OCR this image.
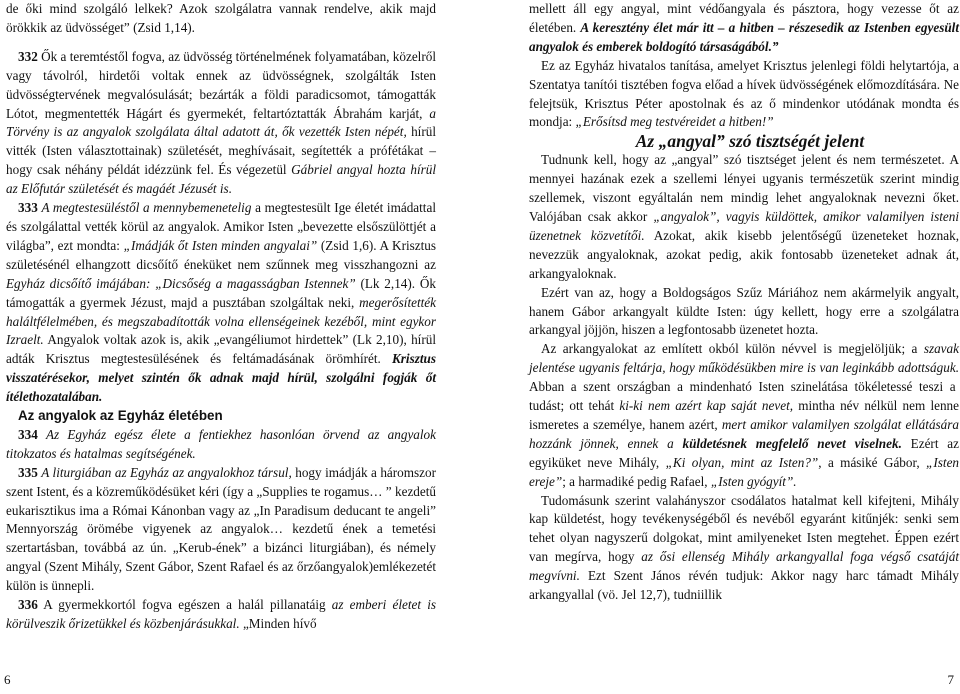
de őki mind szolgáló lelkek? Azok szolgálatra vannak rendelve, akik majd örökkik az üdvösséget” (Zsid 1,14).

332 Ők a teremtéstől fogva, az üdvösség történelmének folyamatában, közelről vagy távolról, hirdetői voltak ennek az üdvösségnek, szolgálták Isten üdvösségtervének megvalósulását; bezárták a földi paradicsomot, támogatták Lótot, megmentették Hágárt és gyermekét, feltartóztatták Ábrahám karját, a Törvény is az angyalok szolgálata által adatott át, ők vezették Isten népét, hírül vitték (Isten választottainak) születését, meghívásait, segítették a prófétákat – hogy csak néhány példát idézzünk fel. És végezetül Gábriel angyal hozta hírül az Előfutár születését és magáét Jézusét is.

333 A megtestesüléstől a mennybemenetelig a megtestesült Ige életét imádattal és szolgálattal vették körül az angyalok. Amikor Isten „bevezette elsőszülöttjét a világba”, ezt mondta: „Imádják őt Isten minden angyalai” (Zsid 1,6). A Krisztus születésénél elhangzott dicsőítő éneküket nem szűnnek meg visszhangozni az Egyház dicsőítő imájában: „Dicsőség a magasságban Istennek” (Lk 2,14). Ők támogatták a gyermek Jézust, majd a pusztában szolgáltak neki, megerősítették haláltfélelmében, és megszabadították volna ellenségeinek kezéből, mint egykor Izraelt. Angyalok voltak azok is, akik „evangéliumot hirdettek” (Lk 2,10), hírül adták Krisztus megtestesülésének és feltámadásának örömhírét. Krisztus visszatérésekor, melyet szintén ők adnak majd hírül, szolgálni fogják őt ítélethozatalában.

Az angyalok az Egyház életében

334 Az Egyház egész élete a fentiekhez hasonlóan örvend az angyalok titokzatos és hatalmas segítségének.

335 A liturgiában az Egyház az angyalokhoz társul, hogy imádják a háromszor szent Istent, és a közreműködésüket kéri (így a „Supplies te rogamus… ” kezdetű eukarisztikus ima a Római Kánonban vagy az „In Paradisum deducant te angeli” Mennyország örömébe vigyenek az angyalok… kezdetű ének a temetési szertartásban, továbbá az ún. „Kerub-ének” a bizánci liturgiában), és némely angyal (Szent Mihály, Szent Gábor, Szent Rafael és az őrzőangyalok)emlékezetét külön is ünnepli.

336 A gyermekkortól fogva egészen a halál pillanatáig az emberi életet is körülveszik őrizetükkel és közbenjárásukkal. „Minden hívő

mellett áll egy angyal, mint védőangyala és pásztora, hogy vezesse őt az életében. A keresztény élet már itt – a hitben – részesedik az Istenben egyesült angyalok és emberek boldogító társaságából.”

Ez az Egyház hivatalos tanítása, amelyet Krisztus jelenlegi földi helytartója, a Szentatya tanítói tisztében fogva előad a hívek üdvösségének előmozdítására. Ne felejtsük, Krisztus Péter apostolnak és az ő mindenkor utódának mondta és mondja: „Erősítsd meg testvéreidet a hitben!”

Az „angyal” szó tisztségét jelent

Tudnunk kell, hogy az „angyal” szó tisztséget jelent és nem természetet. A mennyei hazának ezek a szellemi lényei ugyanis természetük szerint mindig szellemek, viszont egyáltalán nem mindig lehet angyaloknak nevezni őket. Valójában csak akkor „angyalok”, vagyis küldöttek, amikor valamilyen isteni üzenetnek közvetítői. Azokat, akik kisebb jelentőségű üzeneteket hoznak, nevezzük angyaloknak, azokat pedig, akik fontosabb üzeneteket adnak át, arkangyaloknak.

Ezért van az, hogy a Boldogságos Szűz Máriához nem akármelyik angyalt, hanem Gábor arkangyalt küldte Isten: úgy kellett, hogy erre a szolgálatra arkangyal jöjjön, hiszen a legfontosabb üzenetet hozta.

Az arkangyalokat az említett okból külön névvel is megjelöljük; a szavak jelentése ugyanis feltárja, hogy működésükben mire is van leginkább adottságuk. Abban a szent országban a mindenható Isten szinelátása tökéletessé teszi a tudást; ott tehát ki-ki nem azért kap saját nevet, mintha név nélkül nem lenne ismeretes a személye, hanem azért, mert amikor valamilyen szolgálat ellátására hozzánk jönnek, ennek a küldetésnek megfelelő nevet viselnek. Ezért az egyiküket neve Mihály, „Ki olyan, mint az Isten?”, a másiké Gábor, „Isten ereje”; a harmadiké pedig Rafael, „Isten gyógyít”.

Tudomásunk szerint valahányszor csodálatos hatalmat kell kifejteni, Mihály kap küldetést, hogy tevékenységéből és nevéből egyaránt kitűnjék: senki sem tehet olyan nagyszerű dolgokat, mint amilyeneket Isten megtehet. Éppen ezért van megírva, hogy az ősi ellenség Mihály arkangyallal foga végső csatáját megvívni. Ezt Szent János révén tudjuk: Akkor nagy harc támadt Mihály arkangyallal (vö. Jel 12,7), tudniillik

6	7
